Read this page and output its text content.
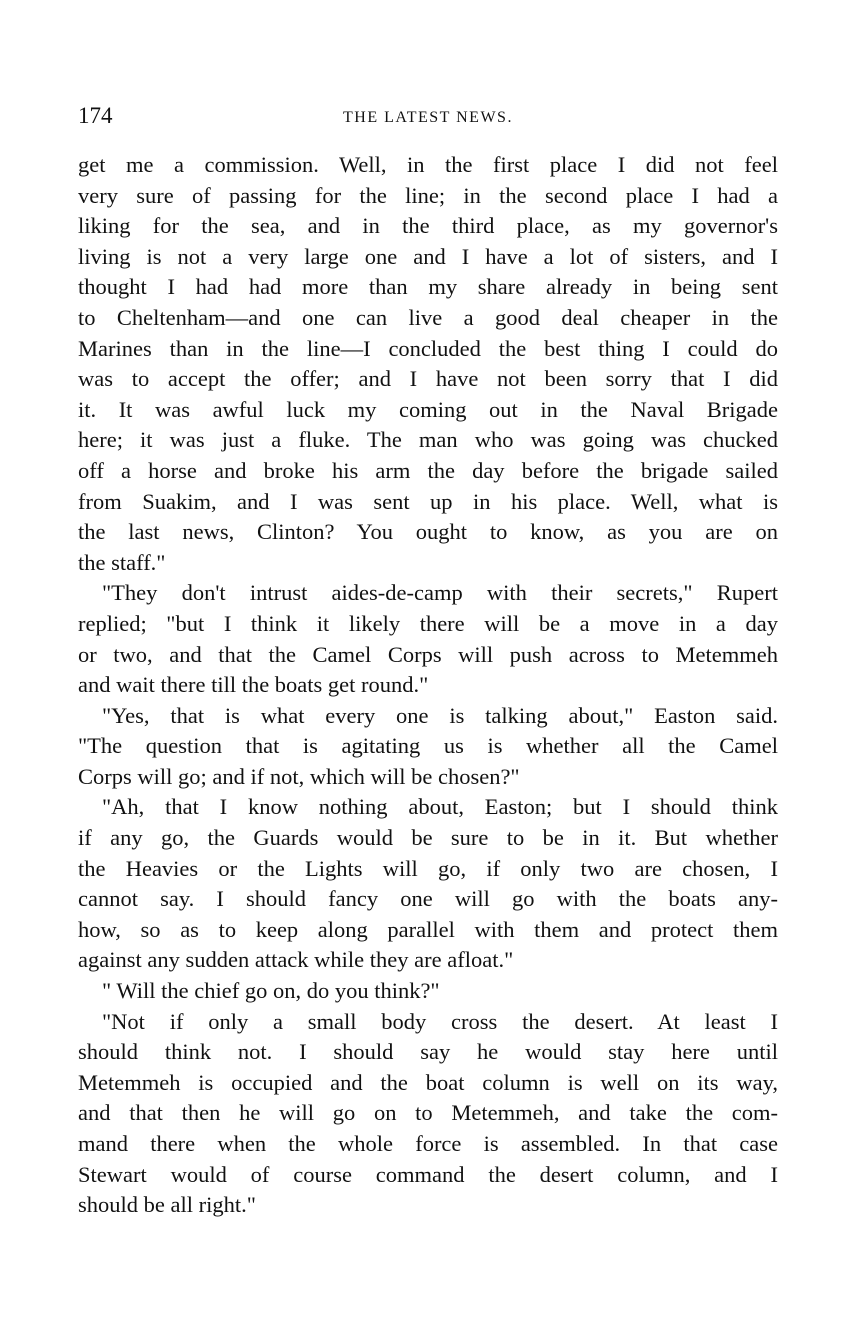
174	THE LATEST NEWS.
get me a commission. Well, in the first place I did not feel
very sure of passing for the line; in the second place I had a
liking for the sea, and in the third place, as my governor's
living is not a very large one and I have a lot of sisters, and I
thought I had had more than my share already in being sent
to Cheltenham—and one can live a good deal cheaper in the
Marines than in the line—I concluded the best thing I could do
was to accept the offer; and I have not been sorry that I did
it. It was awful luck my coming out in the Naval Brigade
here; it was just a fluke. The man who was going was chucked
off a horse and broke his arm the day before the brigade sailed
from Suakim, and I was sent up in his place. Well, what is
the last news, Clinton? You ought to know, as you are on
the staff."
"They don't intrust aides-de-camp with their secrets," Rupert
replied; "but I think it likely there will be a move in a day
or two, and that the Camel Corps will push across to Metemmeh
and wait there till the boats get round."
"Yes, that is what every one is talking about," Easton said.
"The question that is agitating us is whether all the Camel
Corps will go; and if not, which will be chosen?"
"Ah, that I know nothing about, Easton; but I should think
if any go, the Guards would be sure to be in it. But whether
the Heavies or the Lights will go, if only two are chosen, I
cannot say. I should fancy one will go with the boats any-
how, so as to keep along parallel with them and protect them
against any sudden attack while they are afloat."
" Will the chief go on, do you think?"
"Not if only a small body cross the desert. At least I
should think not. I should say he would stay here until
Metemmeh is occupied and the boat column is well on its way,
and that then he will go on to Metemmeh, and take the com-
mand there when the whole force is assembled. In that case
Stewart would of course command the desert column, and I
should be all right."
